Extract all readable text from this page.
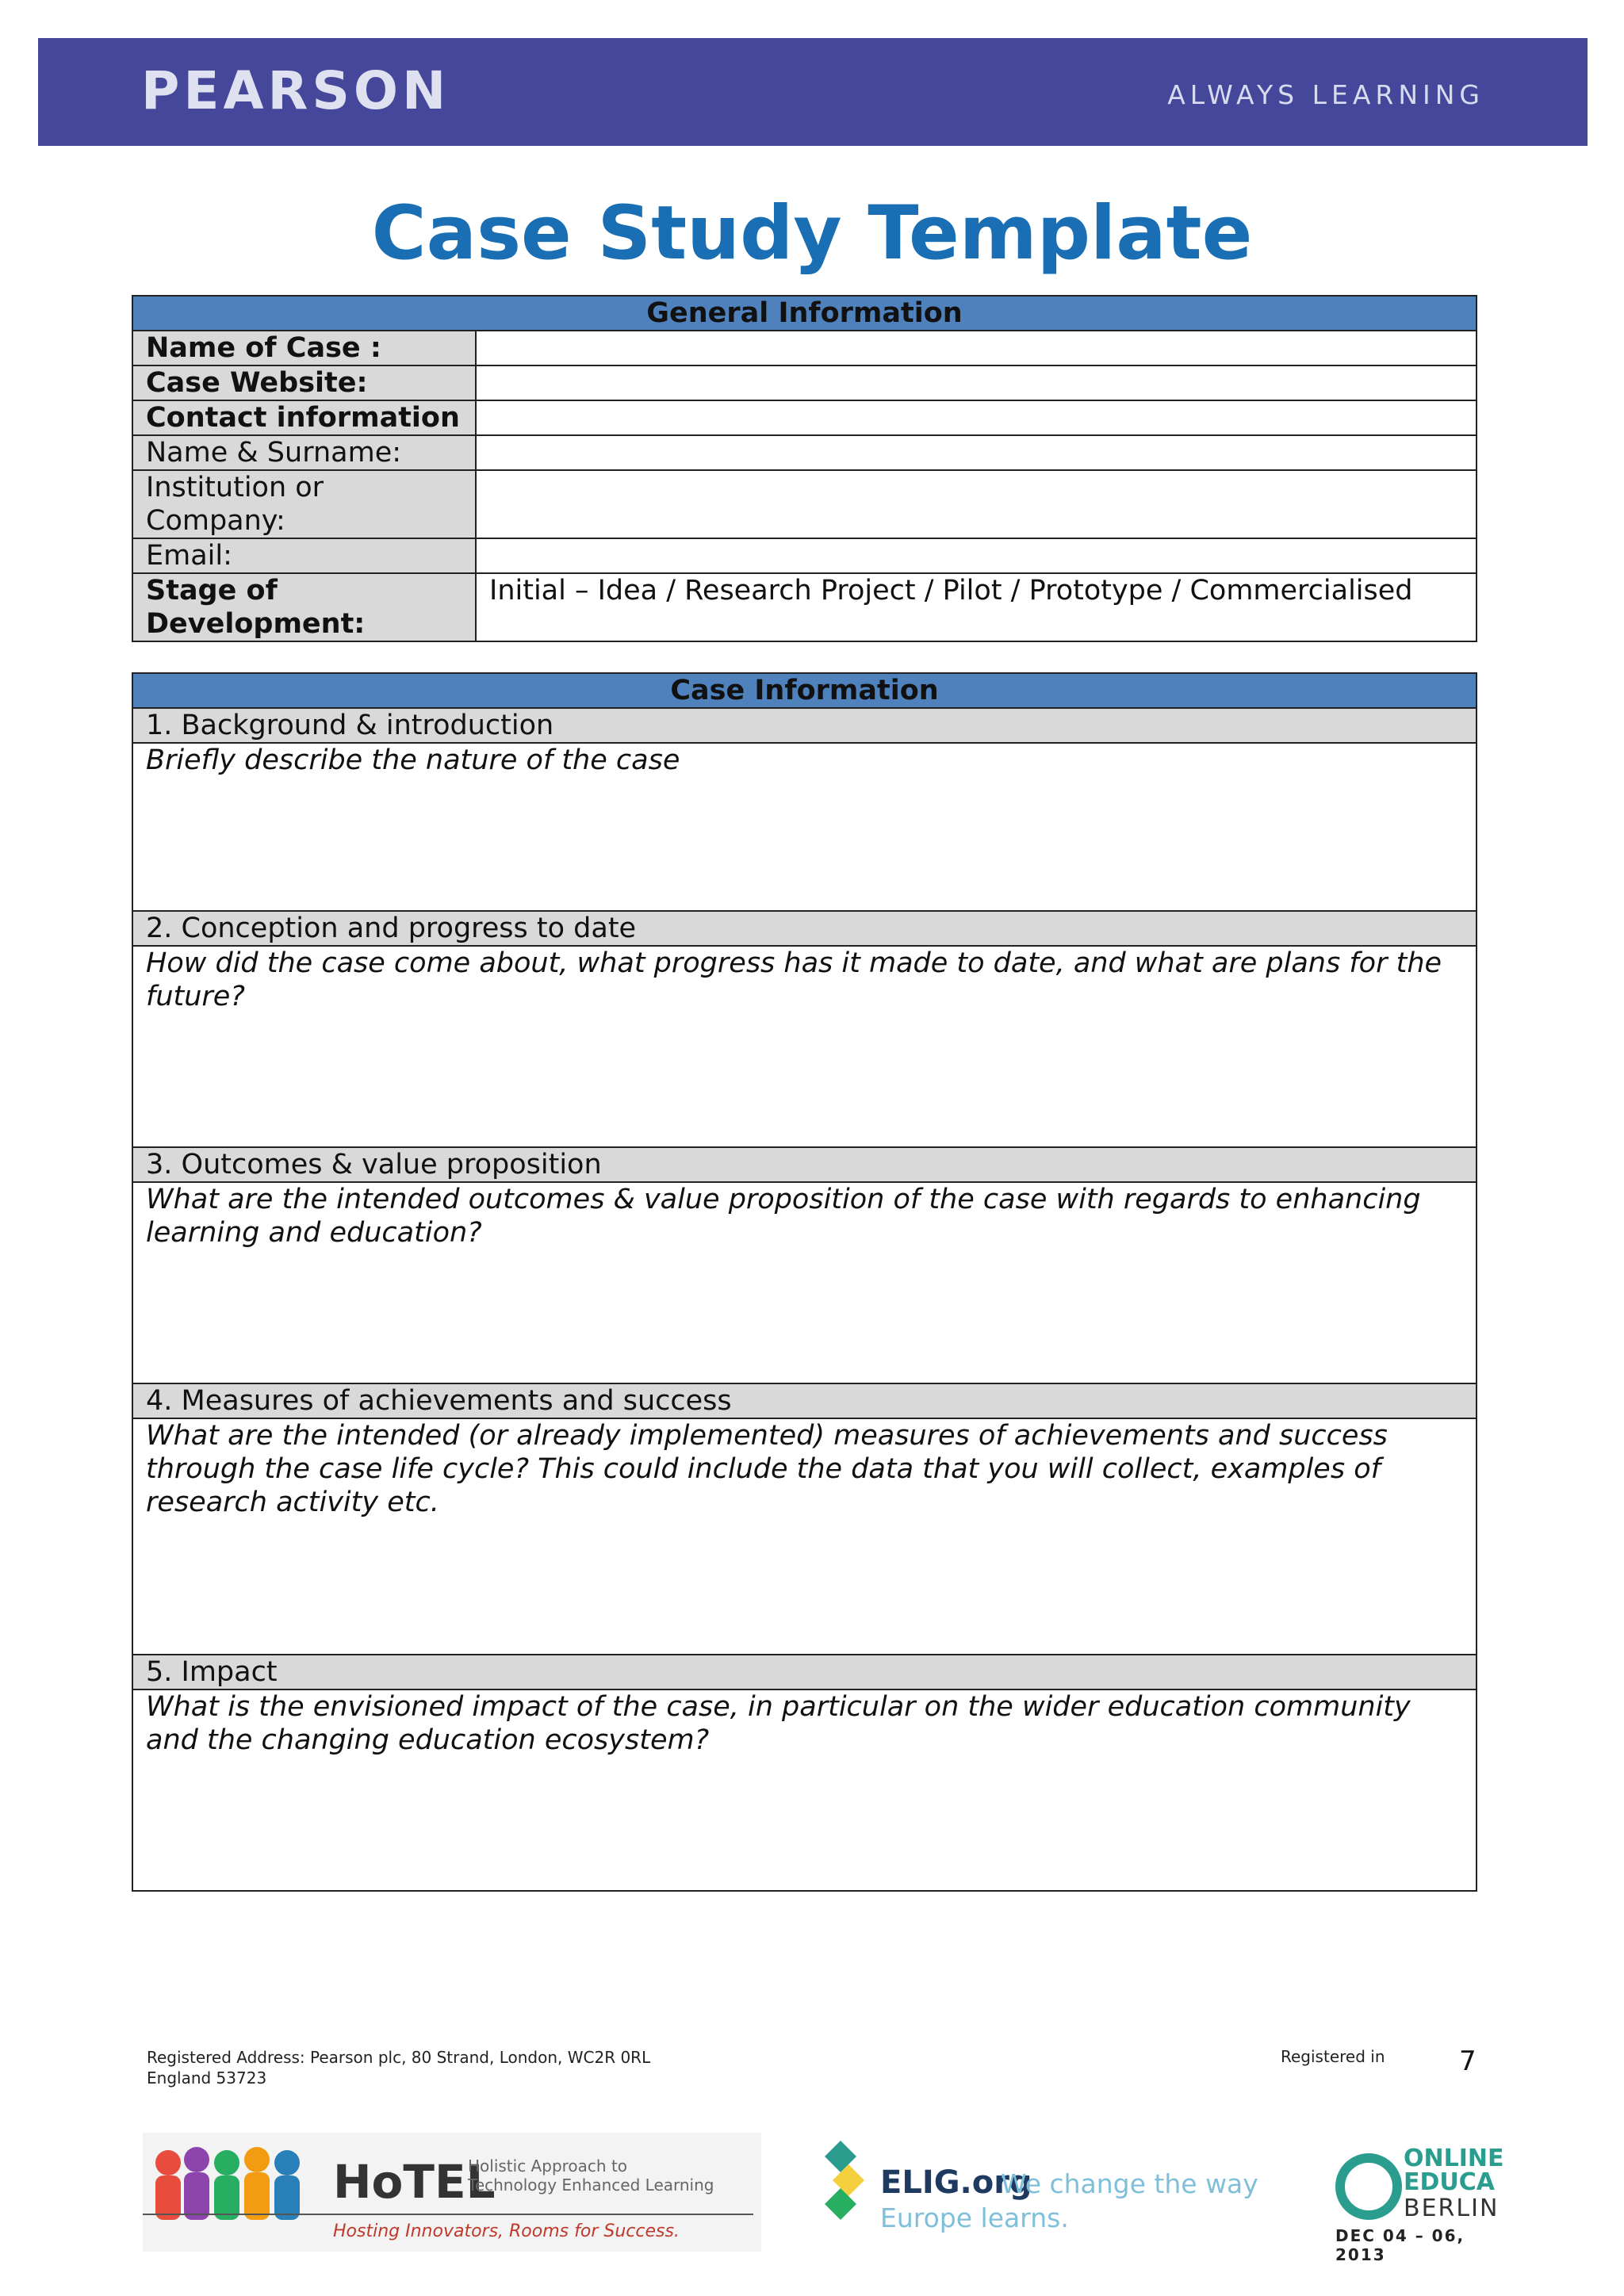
PEARSON	ALWAYS LEARNING
Case Study Template
General Information	
Name of Case :	
Case Website:	
Contact information	
Name & Surname:	
Institution or Company:	
Email:	
Stage of Development:	Initial – Idea / Research Project / Pilot / Prototype / Commercialised
Case Information
1. Background & introduction
Briefly describe the nature of the case
2. Conception and progress to date
How did the case come about, what progress has it made to date, and what are plans for the future?
3. Outcomes & value proposition
What are the intended outcomes & value proposition of the case with regards to enhancing learning and education?
4. Measures of achievements and success
What are the intended (or already implemented) measures of achievements and success through the case life cycle? This could include the data that you will collect, examples of research activity etc.
5. Impact
What is the envisioned impact of the case, in particular on the wider education community and the changing education ecosystem?
Registered Address: Pearson plc, 80 Strand, London, WC2R 0RL
England 53723
Registered in	7
HoTEL
Holistic Approach to
Technology Enhanced Learning
Hosting Innovators, Rooms for Success.
ELIG.org
We change the way
Europe learns.
ONLINE
EDUCA
BERLIN
DEC 04 – 06, 2013
